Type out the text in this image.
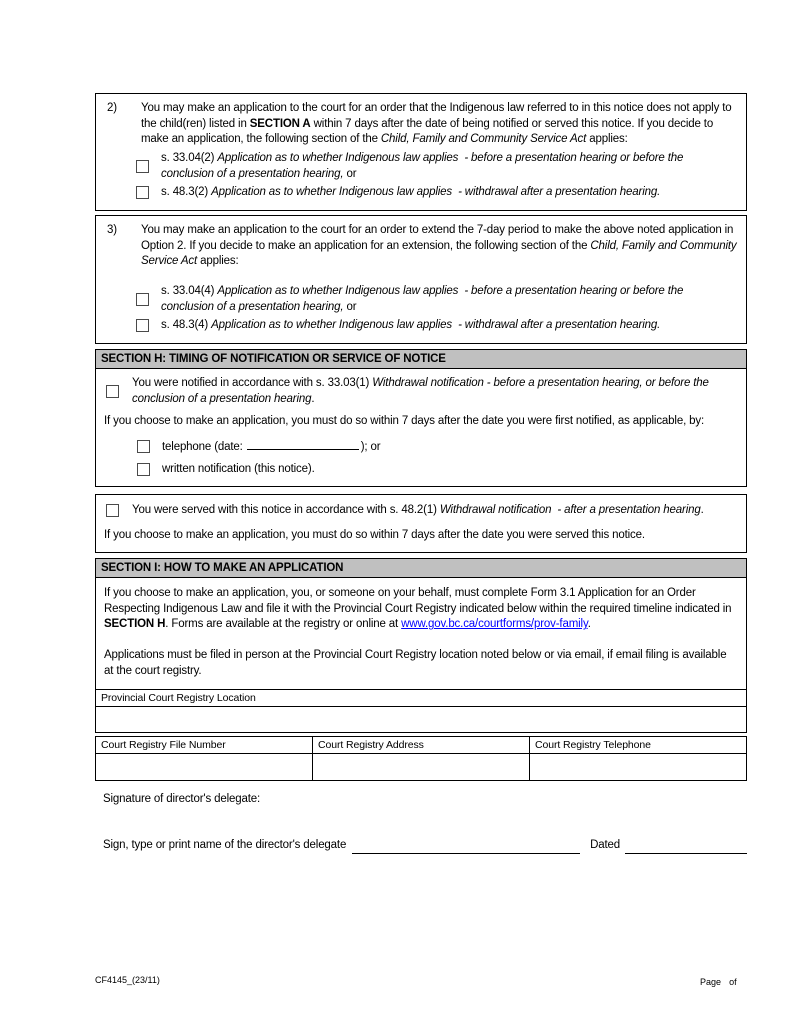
2)	You may make an application to the court for an order that the Indigenous law referred to in this notice does not apply to the child(ren) listed in SECTION A within 7 days after the date of being notified or served this notice. If you decide to make an application, the following section of the Child, Family and Community Service Act applies:
s. 33.04(2) Application as to whether Indigenous law applies  - before a presentation hearing or before the conclusion of a presentation hearing, or
s. 48.3(2) Application as to whether Indigenous law applies  - withdrawal after a presentation hearing.
3)	You may make an application to the court for an order to extend the 7-day period to make the above noted application in Option 2. If you decide to make an application for an extension, the following section of the Child, Family and Community Service Act applies:
s. 33.04(4) Application as to whether Indigenous law applies  - before a presentation hearing or before the conclusion of a presentation hearing, or
s. 48.3(4) Application as to whether Indigenous law applies  - withdrawal after a presentation hearing.
SECTION H: TIMING OF NOTIFICATION OR SERVICE OF NOTICE
You were notified in accordance with s. 33.03(1) Withdrawal notification - before a presentation hearing, or before the conclusion of a presentation hearing.
If you choose to make an application, you must do so within 7 days after the date you were first notified, as applicable, by:
telephone (date:	); or
written notification (this notice).
You were served with this notice in accordance with s. 48.2(1) Withdrawal notification  - after a presentation hearing.
If you choose to make an application, you must do so within 7 days after the date you were served this notice.
SECTION I: HOW TO MAKE AN APPLICATION
If you choose to make an application, you, or someone on your behalf, must complete Form 3.1 Application for an Order Respecting Indigenous Law and file it with the Provincial Court Registry indicated below within the required timeline indicated in SECTION H. Forms are available at the registry or online at www.gov.bc.ca/courtforms/prov-family.
Applications must be filed in person at the Provincial Court Registry location noted below or via email, if email filing is available at the court registry.
Provincial Court Registry Location
Court Registry File Number	Court Registry Address	Court Registry Telephone
Signature of director's delegate:
Sign, type or print name of the director's delegate	Dated
CF4145_(23/11)	Page of
